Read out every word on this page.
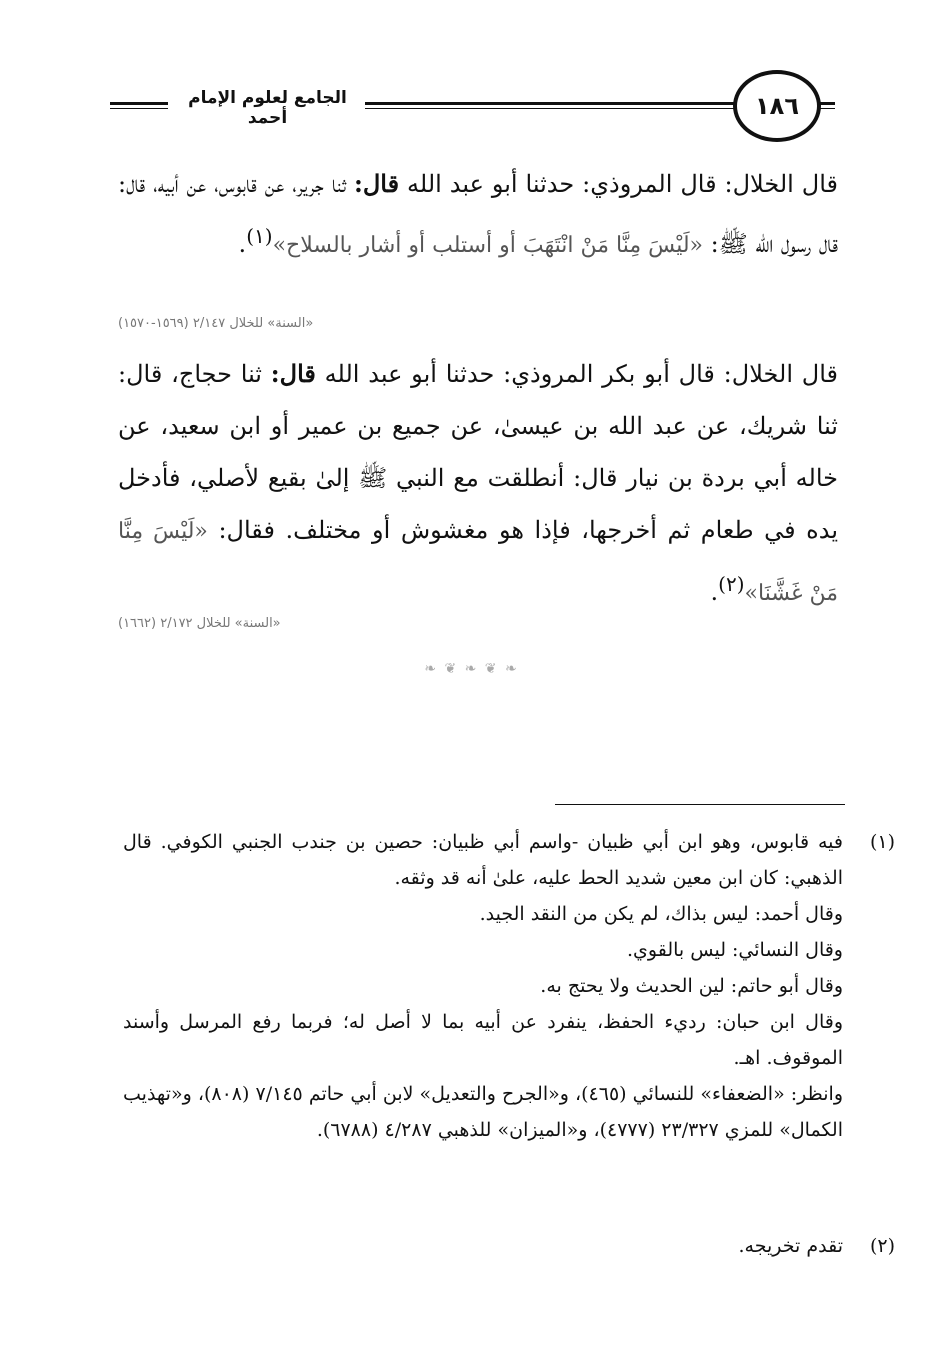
الجامع لعلوم الإمام أحمد	١٨٦
قال الخلال: قال المروذي: حدثنا أبو عبد الله قال: ثنا جرير، عن قابوس، عن أبيه، قال: قال رسول الله ﷺ: «لَيْسَ مِنَّا مَنْ انْتَهَبَ أو أستلب أو أشار بالسلاح»$^{(١)}$.
«السنة» للخلال ٢/١٤٧ (١٥٦٩-١٥٧٠)
قال الخلال: قال أبو بكر المروذي: حدثنا أبو عبد الله قال: ثنا حجاج، قال: ثنا شريك، عن عبد الله بن عيسىٰ، عن جميع بن عمير أو ابن سعيد، عن خاله أبي بردة بن نيار قال: أنطلقت مع النبي ﷺ إلىٰ بقيع لأصلي، فأدخل يده في طعام ثم أخرجها، فإذا هو مغشوش أو مختلف. فقال: «لَيْسَ مِنَّا مَنْ غَشَّنَا»$^{(٢)}$.
«السنة» للخلال ٢/١٧٢ (١٦٦٢)
❧ ❦ ❧ ❦ ❧
(١)
فيه قابوس، وهو ابن أبي ظبيان -واسم أبي ظبيان: حصين بن جندب الجنبي الكوفي. قال الذهبي: كان ابن معين شديد الحط عليه، علىٰ أنه قد وثقه.
وقال أحمد: ليس بذاك، لم يكن من النقد الجيد.
وقال النسائي: ليس بالقوي.
وقال أبو حاتم: لين الحديث ولا يحتج به.
وقال ابن حبان: رديء الحفظ، ينفرد عن أبيه بما لا أصل له؛ فربما رفع المرسل وأسند الموقوف. اهـ.
وانظر: «الضعفاء» للنسائي (٤٦٥)، و«الجرح والتعديل» لابن أبي حاتم ٧/١٤٥ (٨٠٨)، و«تهذيب الكمال» للمزي ٢٣/٣٢٧ (٤٧٧٧)، و«الميزان» للذهبي ٤/٢٨٧ (٦٧٨٨).
(٢)
تقدم تخريجه.
